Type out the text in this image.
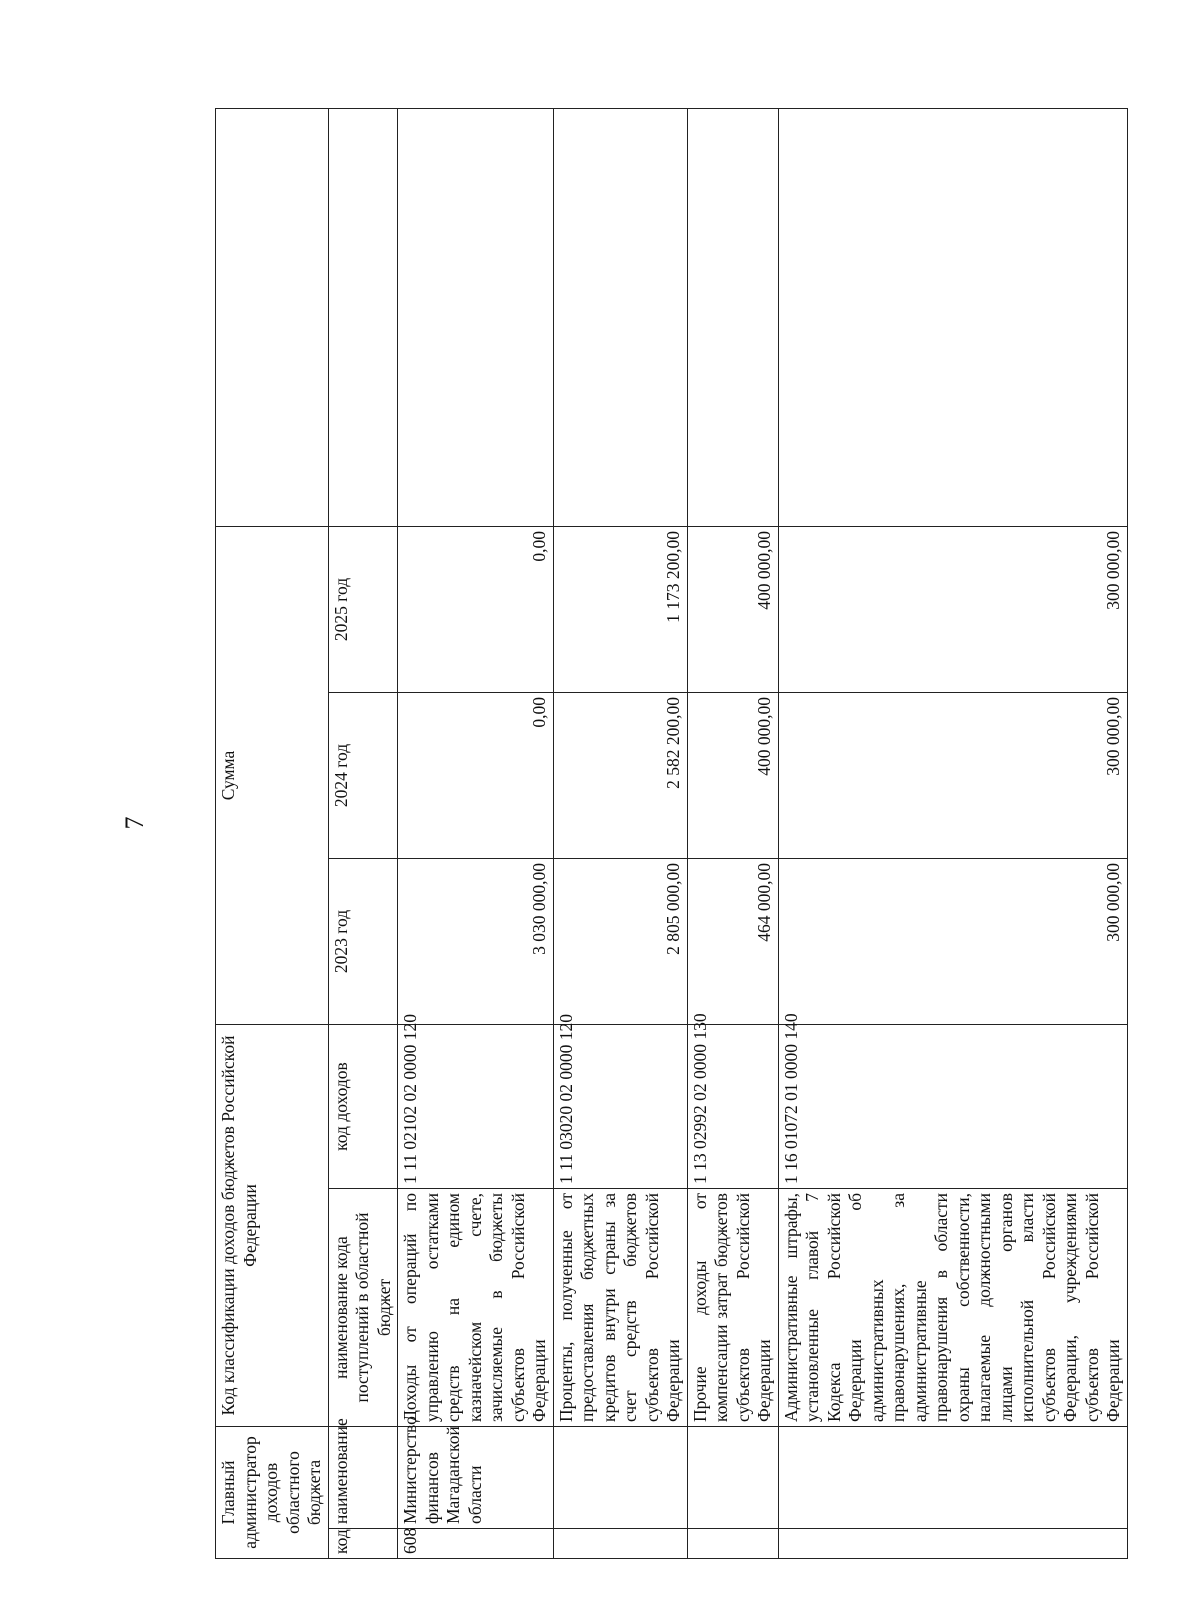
7
Главный администратор доходов областного бюджета		Код классификации доходов бюджетов Российской Федерации		Сумма			
код	наименование	наименование кода поступлений в областной бюджет	код доходов	2023 год	2024 год	2025 год	
608	Министерство финансов Магаданской области	Доходы от операций по управлению остатками средств на едином казначейском счете, зачисляемые в бюджеты субъектов Российской Федерации	1 11 02102 02 0000 120	3 030 000,00	0,00	0,00	
		Проценты, полученные от предоставления бюджетных кредитов внутри страны за счет средств бюджетов субъектов Российской Федерации	1 11 03020 02 0000 120	2 805 000,00	2 582 200,00	1 173 200,00	
		Прочие доходы от компенсации затрат бюджетов субъектов Российской Федерации	1 13 02992 02 0000 130	464 000,00	400 000,00	400 000,00	
		Административные штрафы, установленные главой 7 Кодекса Российской Федерации об административных правонарушениях, за административные правонарушения в области охраны собственности, налагаемые должностными лицами органов исполнительной власти субъектов Российской Федерации, учреждениями субъектов Российской Федерации	1 16 01072 01 0000 140	300 000,00	300 000,00	300 000,00	
